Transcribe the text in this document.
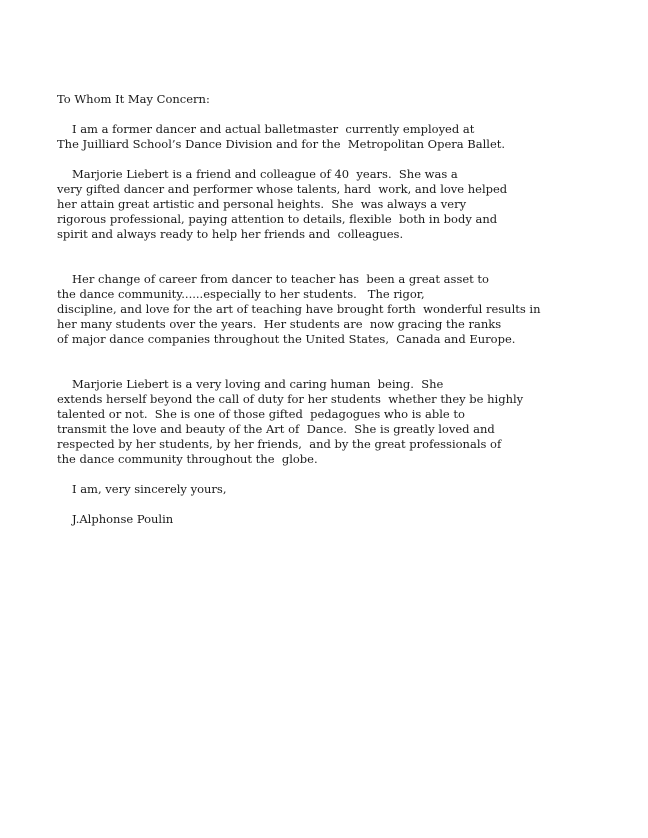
To Whom It May Concern:
I am a former dancer and actual balletmaster  currently employed at
The Juilliard School’s Dance Division and for the  Metropolitan Opera Ballet.
Marjorie Liebert is a friend and colleague of 40  years.  She was a
very gifted dancer and performer whose talents, hard  work, and love helped
her attain great artistic and personal heights.  She  was always a very
rigorous professional, paying attention to details, flexible  both in body and
spirit and always ready to help her friends and  colleagues.
Her change of career from dancer to teacher has  been a great asset to
the dance community......especially to her students.   The rigor,
discipline, and love for the art of teaching have brought forth  wonderful results in
her many students over the years.  Her students are  now gracing the ranks
of major dance companies throughout the United States,  Canada and Europe.
Marjorie Liebert is a very loving and caring human  being.  She
extends herself beyond the call of duty for her students  whether they be highly
talented or not.  She is one of those gifted  pedagogues who is able to
transmit the love and beauty of the Art of  Dance.  She is greatly loved and
respected by her students, by her friends,  and by the great professionals of
the dance community throughout the  globe.
I am, very sincerely yours,
J.Alphonse Poulin
